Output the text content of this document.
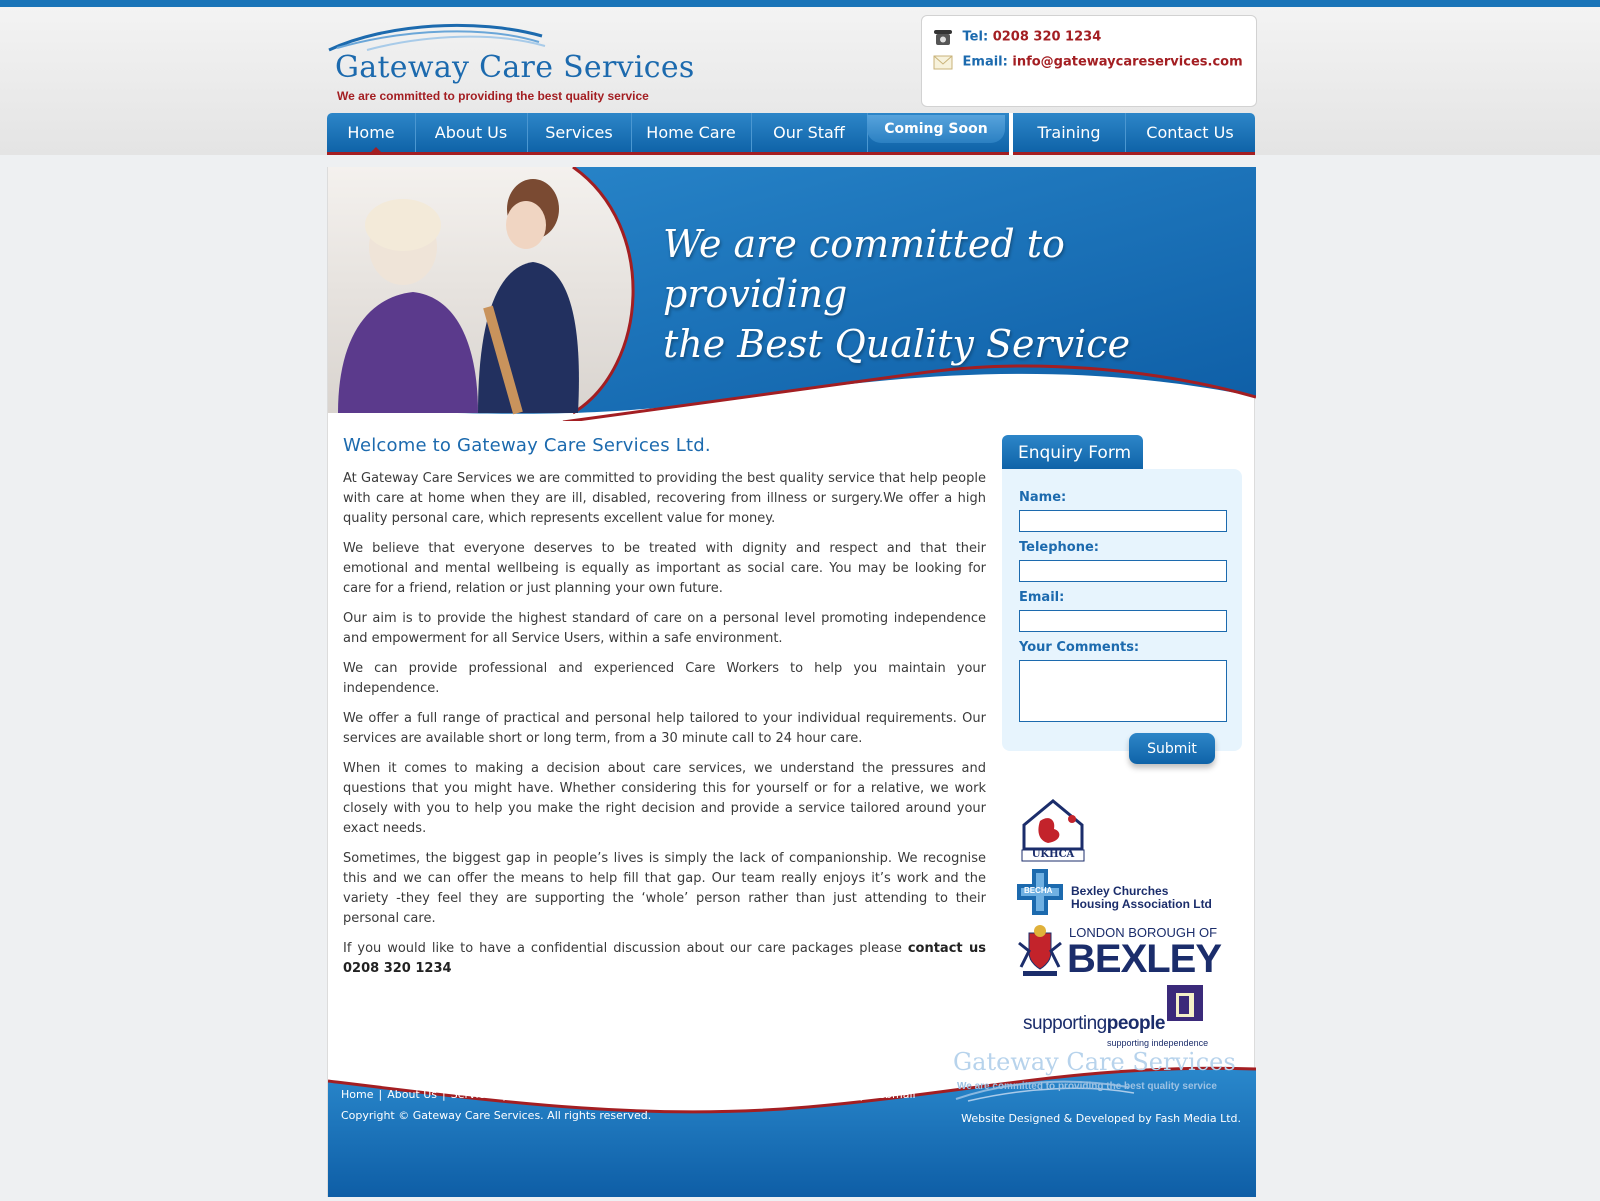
Gateway Care Services
We are committed to providing the best quality service
Tel: 0208 320 1234
Email: info@gatewaycareservices.com
Home	About Us	Services	Home Care	Our Staff	Coming Soon	Training	Contact Us
We are committed to providing
the Best Quality Service
Welcome to Gateway Care Services Ltd.

At Gateway Care Services we are committed to providing the best quality service that help people with care at home when they are ill, disabled, recovering from illness or surgery.We offer a high quality personal care, which represents excellent value for money.

We believe that everyone deserves to be treated with dignity and respect and that their emotional and mental wellbeing is equally as important as social care. You may be looking for care for a friend, relation or just planning your own future.

Our aim is to provide the highest standard of care on a personal level promoting independence and empowerment for all Service Users, within a safe environment.

We can provide professional and experienced Care Workers to help you maintain your independence.

We offer a full range of practical and personal help tailored to your individual requirements. Our services are available short or long term, from a 30 minute call to 24 hour care.

When it comes to making a decision about care services, we understand the pressures and questions that you might have. Whether considering this for yourself or for a relative, we work closely with you to help you make the right decision and provide a service tailored around your exact needs.

Sometimes, the biggest gap in people’s lives is simply the lack of companionship. We recognise this and we can offer the means to help fill that gap. Our team really enjoys it’s work and the variety -they feel they are supporting the ‘whole’ person rather than just attending to their personal care.

If you would like to have a confidential discussion about our care packages please contact us 0208 320 1234

Enquiry Form
Name:
Telephone:
Email:
Your Comments:
Submit
UKHCA
BECHA Bexley Churches
Housing Association Ltd
LONDON BOROUGH OF
BEXLEY
supportingpeople
supporting independence
Gateway Care Services
We are committed to providing the best quality service
Home | About Us | Services | Home Care | Our Staff | Live In 24 hrs | Training | Contact Us | Webmail
Copyright © Gateway Care Services. All rights reserved.	Website Designed & Developed by Fash Media Ltd.
